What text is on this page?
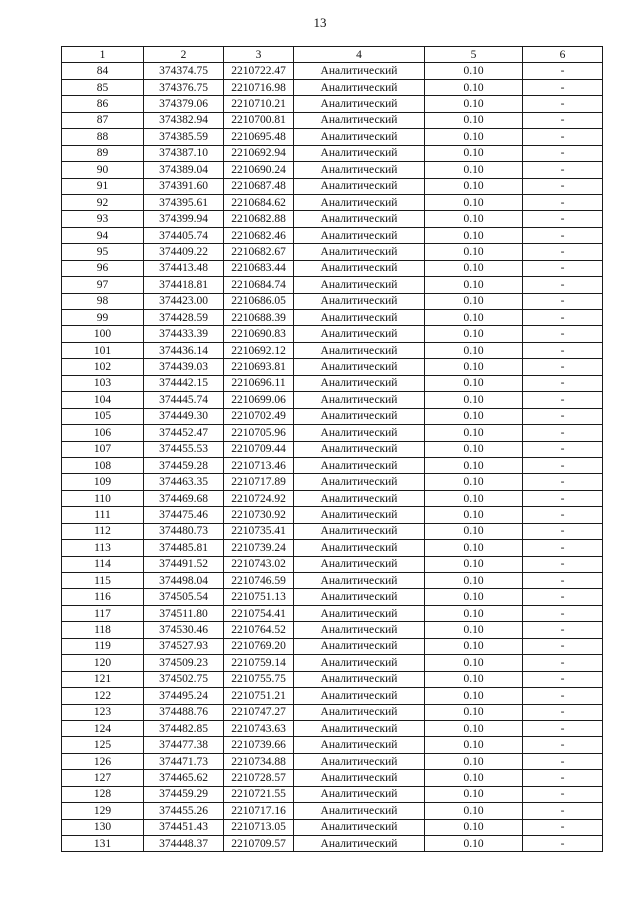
13
1	2	3	4	5	6
84	374374.75	2210722.47	Аналитический	0.10	-
85	374376.75	2210716.98	Аналитический	0.10	-
86	374379.06	2210710.21	Аналитический	0.10	-
87	374382.94	2210700.81	Аналитический	0.10	-
88	374385.59	2210695.48	Аналитический	0.10	-
89	374387.10	2210692.94	Аналитический	0.10	-
90	374389.04	2210690.24	Аналитический	0.10	-
91	374391.60	2210687.48	Аналитический	0.10	-
92	374395.61	2210684.62	Аналитический	0.10	-
93	374399.94	2210682.88	Аналитический	0.10	-
94	374405.74	2210682.46	Аналитический	0.10	-
95	374409.22	2210682.67	Аналитический	0.10	-
96	374413.48	2210683.44	Аналитический	0.10	-
97	374418.81	2210684.74	Аналитический	0.10	-
98	374423.00	2210686.05	Аналитический	0.10	-
99	374428.59	2210688.39	Аналитический	0.10	-
100	374433.39	2210690.83	Аналитический	0.10	-
101	374436.14	2210692.12	Аналитический	0.10	-
102	374439.03	2210693.81	Аналитический	0.10	-
103	374442.15	2210696.11	Аналитический	0.10	-
104	374445.74	2210699.06	Аналитический	0.10	-
105	374449.30	2210702.49	Аналитический	0.10	-
106	374452.47	2210705.96	Аналитический	0.10	-
107	374455.53	2210709.44	Аналитический	0.10	-
108	374459.28	2210713.46	Аналитический	0.10	-
109	374463.35	2210717.89	Аналитический	0.10	-
110	374469.68	2210724.92	Аналитический	0.10	-
111	374475.46	2210730.92	Аналитический	0.10	-
112	374480.73	2210735.41	Аналитический	0.10	-
113	374485.81	2210739.24	Аналитический	0.10	-
114	374491.52	2210743.02	Аналитический	0.10	-
115	374498.04	2210746.59	Аналитический	0.10	-
116	374505.54	2210751.13	Аналитический	0.10	-
117	374511.80	2210754.41	Аналитический	0.10	-
118	374530.46	2210764.52	Аналитический	0.10	-
119	374527.93	2210769.20	Аналитический	0.10	-
120	374509.23	2210759.14	Аналитический	0.10	-
121	374502.75	2210755.75	Аналитический	0.10	-
122	374495.24	2210751.21	Аналитический	0.10	-
123	374488.76	2210747.27	Аналитический	0.10	-
124	374482.85	2210743.63	Аналитический	0.10	-
125	374477.38	2210739.66	Аналитический	0.10	-
126	374471.73	2210734.88	Аналитический	0.10	-
127	374465.62	2210728.57	Аналитический	0.10	-
128	374459.29	2210721.55	Аналитический	0.10	-
129	374455.26	2210717.16	Аналитический	0.10	-
130	374451.43	2210713.05	Аналитический	0.10	-
131	374448.37	2210709.57	Аналитический	0.10	-
